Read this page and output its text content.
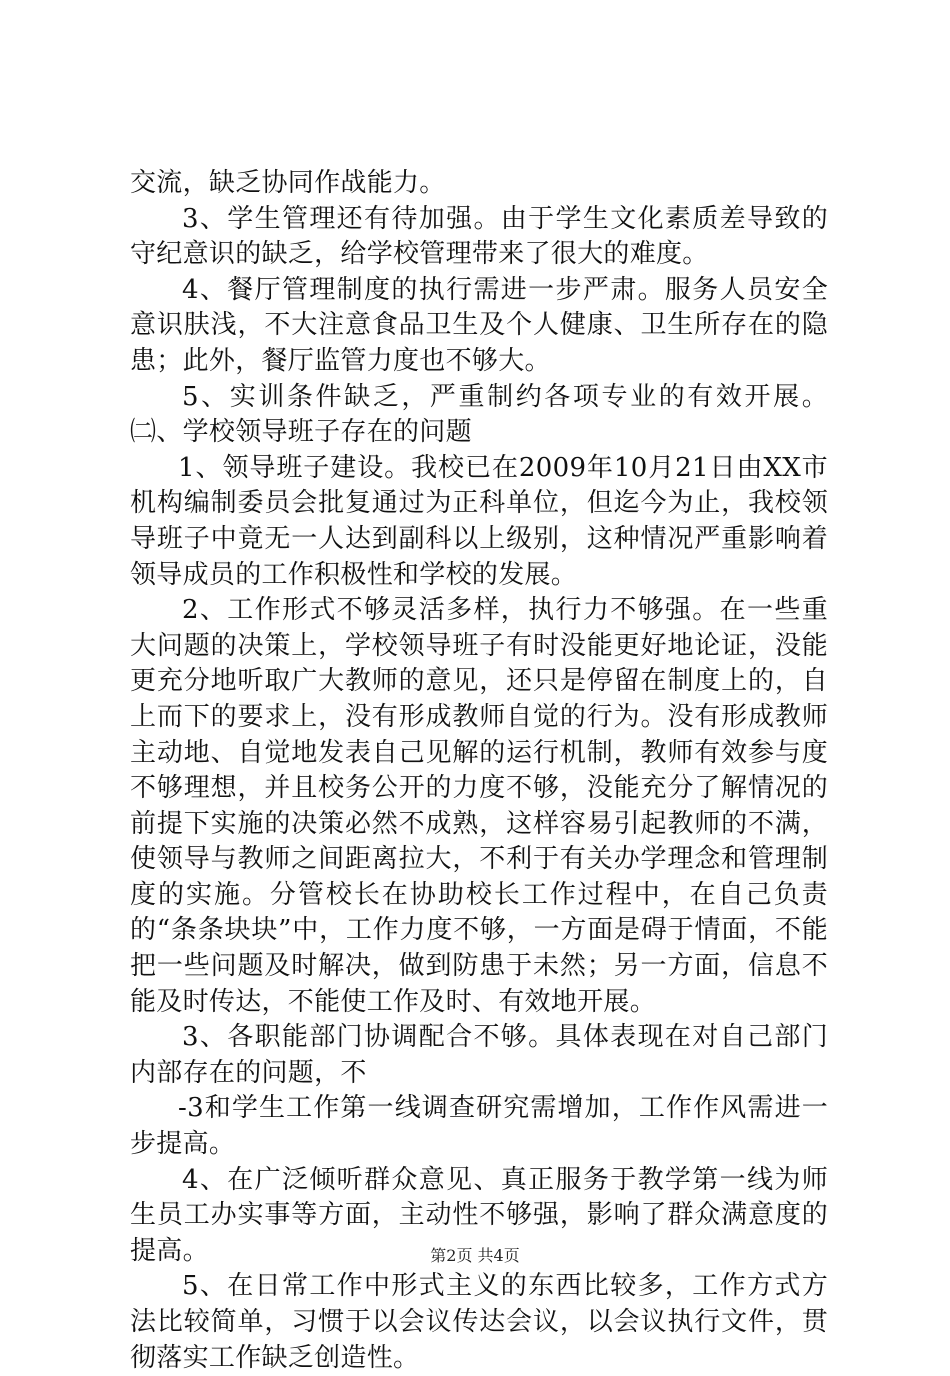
交流，缺乏协同作战能力。

3、学生管理还有待加强。由于学生文化素质差导致的守纪意识的缺乏，给学校管理带来了很大的难度。

4、餐厅管理制度的执行需进一步严肃。服务人员安全意识肤浅，不大注意食品卫生及个人健康、卫生所存在的隐患；此外，餐厅监管力度也不够大。

5、实训条件缺乏，严重制约各项专业的有效开展。㈡、学校领导班子存在的问题

1、领导班子建设。我校已在2009年10月21日由XX市机构编制委员会批复通过为正科单位，但迄今为止，我校领导班子中竟无一人达到副科以上级别，这种情况严重影响着领导成员的工作积极性和学校的发展。

2、工作形式不够灵活多样，执行力不够强。在一些重大问题的决策上，学校领导班子有时没能更好地论证，没能更充分地听取广大教师的意见，还只是停留在制度上的，自上而下的要求上，没有形成教师自觉的行为。没有形成教师主动地、自觉地发表自己见解的运行机制，教师有效参与度不够理想，并且校务公开的力度不够，没能充分了解情况的前提下实施的决策必然不成熟，这样容易引起教师的不满，使领导与教师之间距离拉大，不利于有关办学理念和管理制度的实施。分管校长在协助校长工作过程中，在自己负责的“条条块块”中，工作力度不够，一方面是碍于情面，不能把一些问题及时解决，做到防患于未然；另一方面，信息不能及时传达，不能使工作及时、有效地开展。

3、各职能部门协调配合不够。具体表现在对自己部门内部存在的问题，不

-3和学生工作第一线调查研究需增加，工作作风需进一步提高。

4、在广泛倾听群众意见、真正服务于教学第一线为师生员工办实事等方面，主动性不够强，影响了群众满意度的提高。

5、在日常工作中形式主义的东西比较多，工作方式方法比较简单，习惯于以会议传达会议，以会议执行文件，贯彻落实工作缺乏创造性。

第2页 共4页
